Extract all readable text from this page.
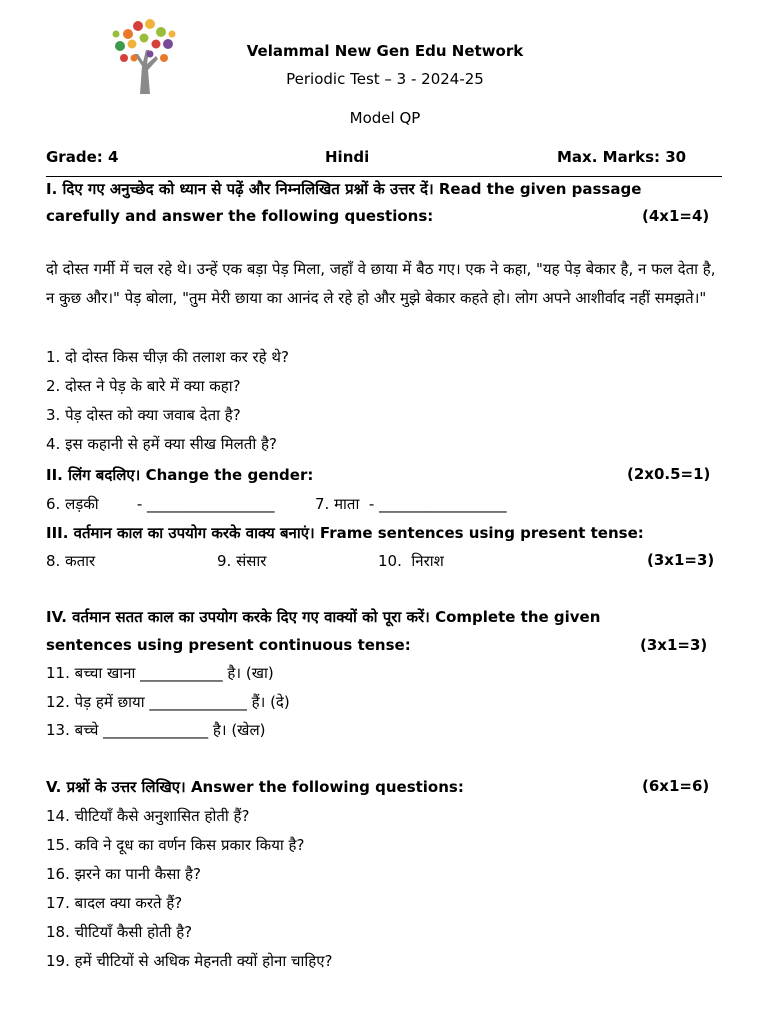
Velammal New Gen Edu Network
Periodic Test – 3 - 2024-25
Model QP
Grade: 4	Hindi	Max. Marks: 30
I. दिए गए अनुच्छेद को ध्यान से पढ़ें और निम्नलिखित प्रश्नों के उत्तर दें। Read the given passage
carefully and answer the following questions:	(4x1=4)
दो दोस्त गर्मी में चल रहे थे। उन्हें एक बड़ा पेड़ मिला, जहाँ वे छाया में बैठ गए। एक ने कहा, "यह पेड़ बेकार है, न फल देता है, न कुछ और।" पेड़ बोला, "तुम मेरी छाया का आनंद ले रहे हो और मुझे बेकार कहते हो। लोग अपने आशीर्वाद नहीं समझते।"
1. दो दोस्त किस चीज़ की तलाश कर रहे थे?
2. दोस्त ने पेड़ के बारे में क्या कहा?
3. पेड़ दोस्त को क्या जवाब देता है?
4. इस कहानी से हमें क्या सीख मिलती है?
II. लिंग बदलिए। Change the gender:	(2x0.5=1)
6. लड़की        - _________________	7. माता  - _________________
III. वर्तमान काल का उपयोग करके वाक्य बनाएं। Frame sentences using present tense:
8. कतार	9. संसार	10.  निराश	(3x1=3)
IV. वर्तमान सतत काल का उपयोग करके दिए गए वाक्यों को पूरा करें। Complete the given
sentences using present continuous tense:	(3x1=3)
11. बच्चा खाना ___________ है। (खा)
12. पेड़ हमें छाया _____________ हैं। (दे)
13. बच्चे ______________ है। (खेल)
V. प्रश्नों के उत्तर लिखिए। Answer the following questions:	(6x1=6)
14. चीटियाँ कैसे अनुशासित होती हैं?
15. कवि ने दूध का वर्णन किस प्रकार किया है?
16. झरने का पानी कैसा है?
17. बादल क्या करते हैं?
18. चीटियाँ कैसी होती है?
19. हमें चीटियों से अधिक मेहनती क्यों होना चाहिए?
